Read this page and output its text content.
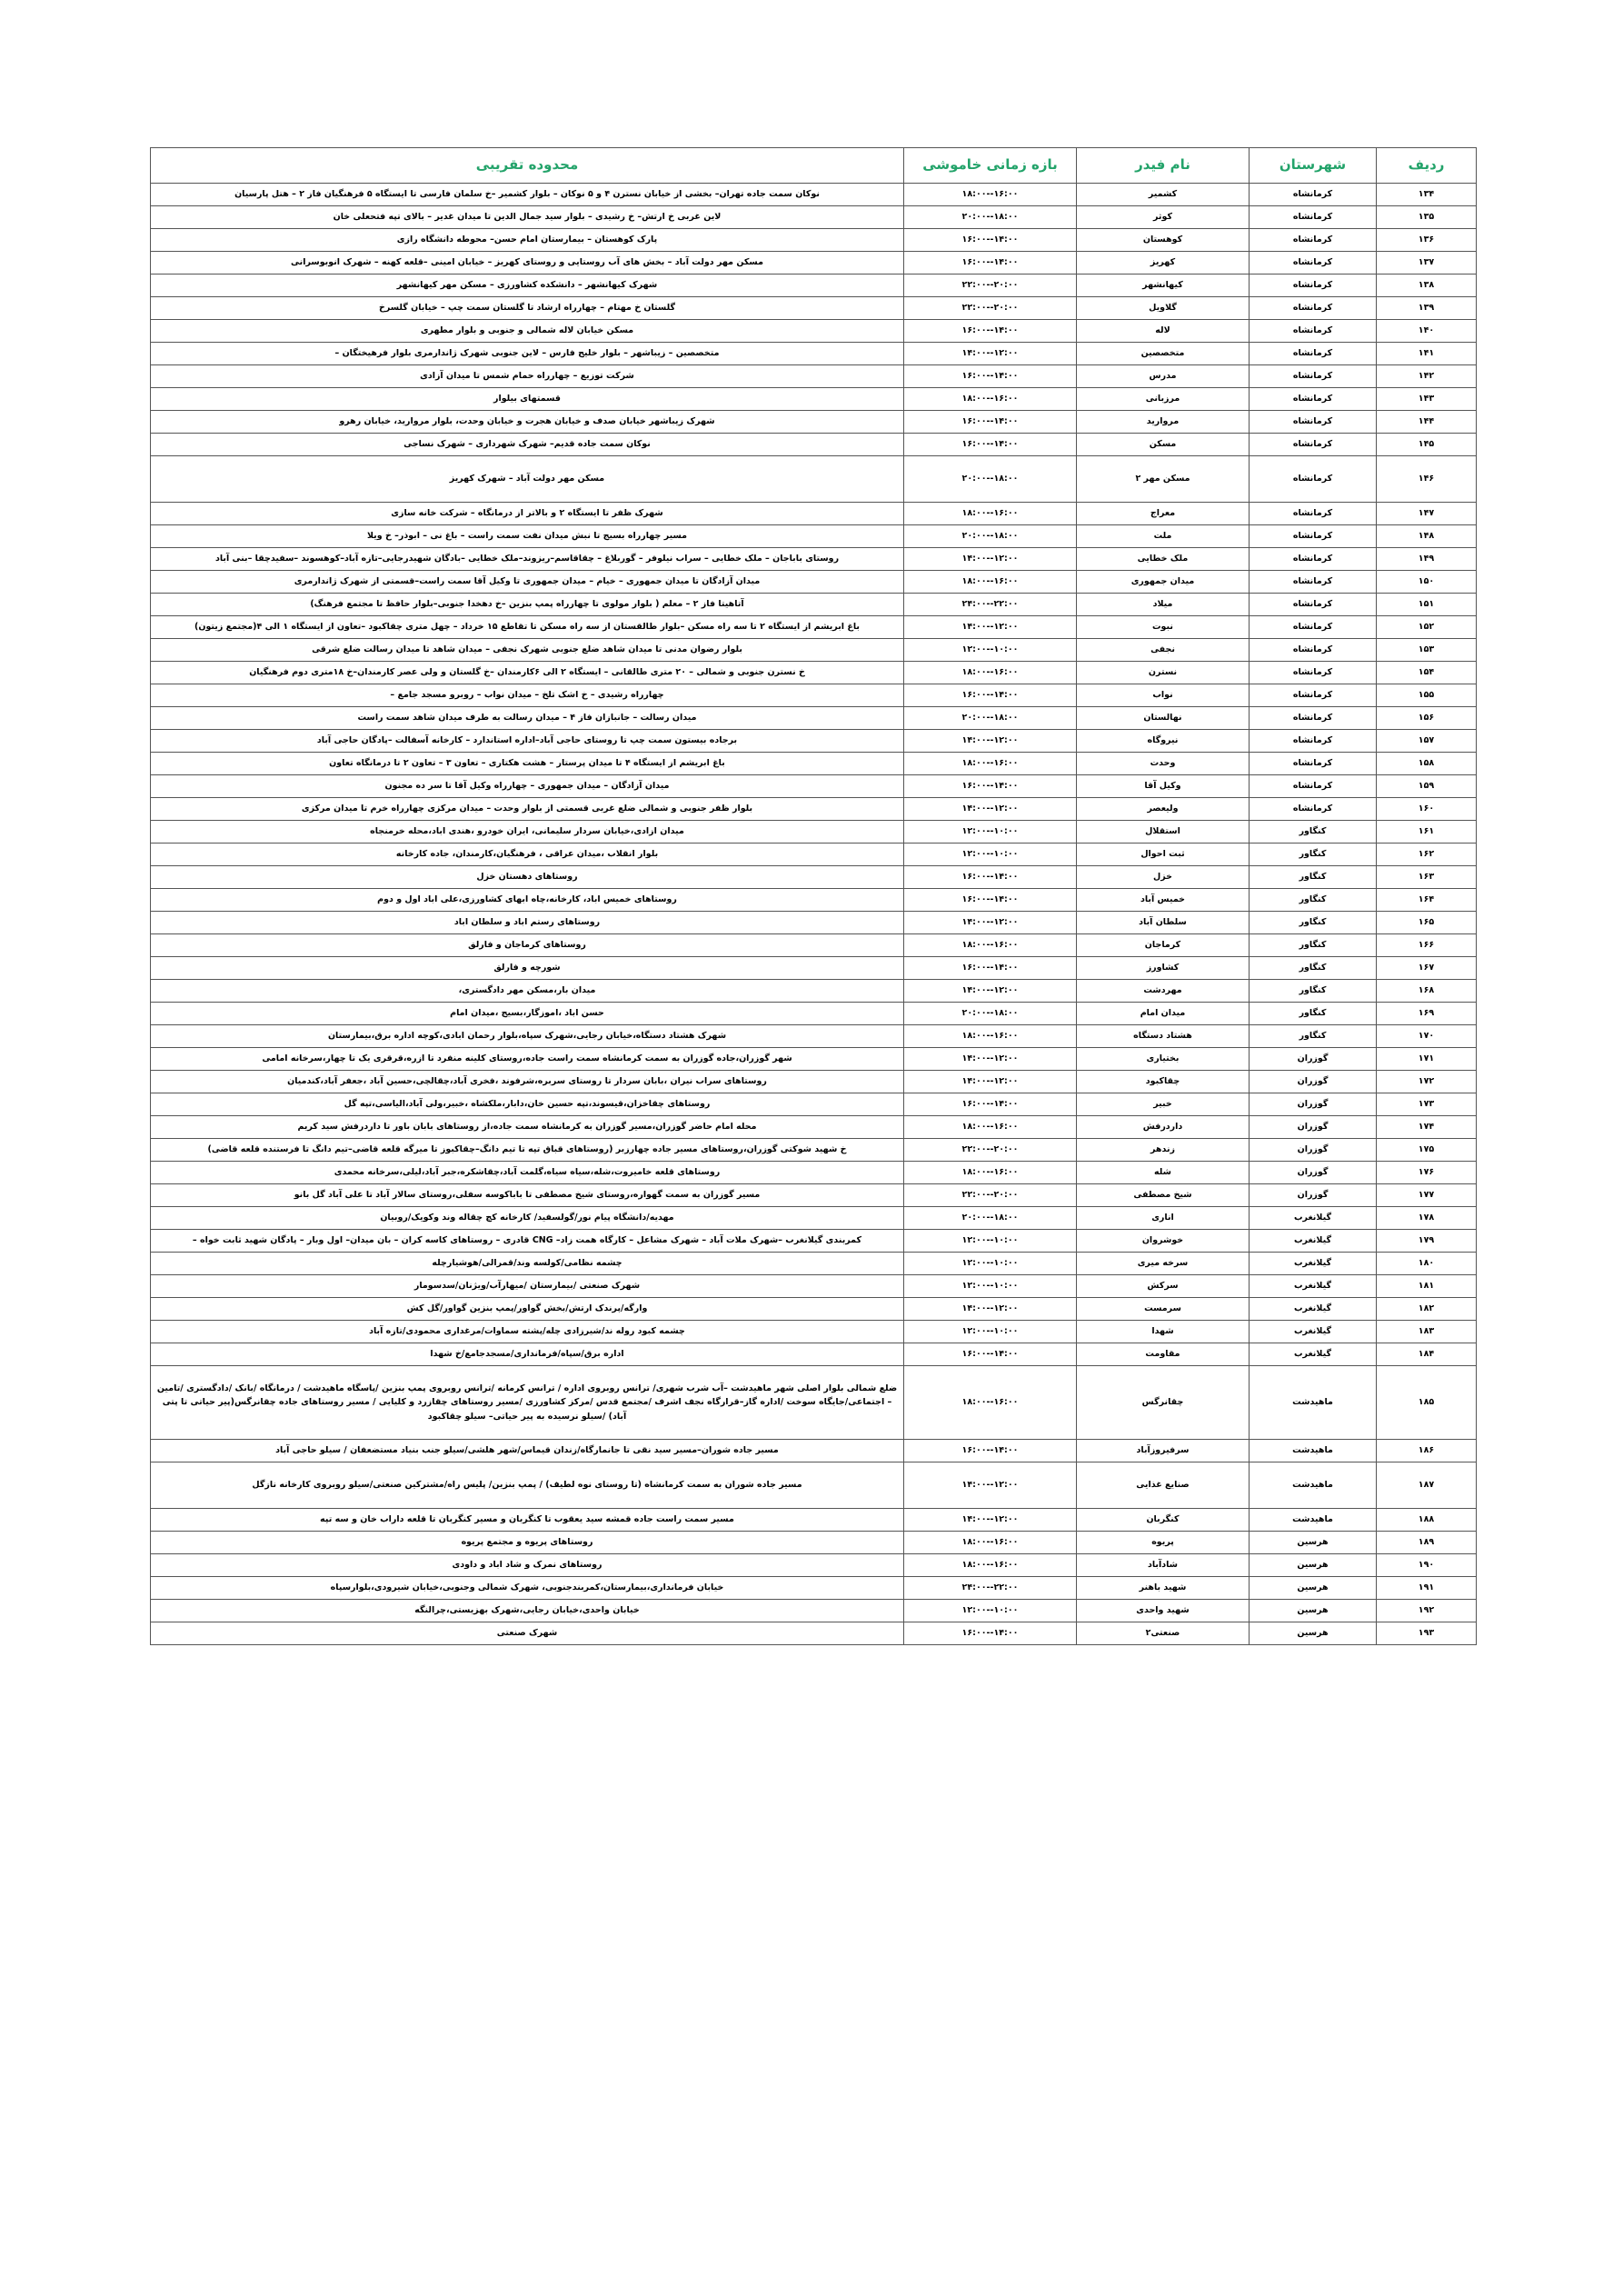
ردیف	شهرستان	نام فیدر	بازه زمانی خاموشی	محدوده تقریبی
۱۳۴	کرمانشاه	کشمیر	۱۶:۰۰--۱۸:۰۰	نوکان سمت جاده تهران– بخشی از خیابان نسترن ۴ و ۵ نوکان – بلوار کشمیر –خ سلمان فارسی تا ایستگاه ۵ فرهنگیان فاز ۲ – هتل پارسیان
۱۳۵	کرمانشاه	کوثر	۱۸:۰۰--۲۰:۰۰	لاین غربی خ ارتش– خ رشیدی – بلوار سید جمال الدین تا میدان غدیر – بالای تپه فتحعلی خان
۱۳۶	کرمانشاه	کوهستان	۱۴:۰۰--۱۶:۰۰	پارک کوهستان – بیمارستان امام حسن– محوطه دانشگاه رازی
۱۳۷	کرمانشاه	کهریز	۱۴:۰۰--۱۶:۰۰	مسکن مهر دولت آباد – بخش های آب روستایی و روستای کهریز – خیابان امینی –قلعه کهنه – شهرک انوبوسرانی
۱۳۸	کرمانشاه	کیهانشهر	۲۰:۰۰--۲۲:۰۰	شهرک کیهانشهر – دانشکده کشاورزی – مسکن مهر کیهانشهر
۱۳۹	کرمانشاه	گلاویل	۲۰:۰۰--۲۲:۰۰	گلستان خ مهتام – چهارراه ارشاد تا گلستان سمت چپ – خیابان گلسرخ
۱۴۰	کرمانشاه	لاله	۱۴:۰۰--۱۶:۰۰	مسکن خیابان لاله شمالی و جنوبی و بلوار مطهری
۱۴۱	کرمانشاه	متخصصین	۱۲:۰۰--۱۴:۰۰	متخصصین – زیباشهر – بلوار خلیج فارس – لاین جنوبی شهرک ژاندارمری بلوار فرهیختگان –
۱۴۲	کرمانشاه	مدرس	۱۴:۰۰--۱۶:۰۰	شرکت توزیع – چهارراه حمام شمس تا میدان آزادی
۱۴۳	کرمانشاه	مرزبانی	۱۶:۰۰--۱۸:۰۰	قسمتهای بیلوار
۱۴۴	کرمانشاه	مروارید	۱۴:۰۰--۱۶:۰۰	شهرک زیباشهر خیابان صدف و خیابان هجرت و خیابان وحدت، بلوار مروارید، خیابان رهرو
۱۴۵	کرمانشاه	مسکن	۱۴:۰۰--۱۶:۰۰	نوکان سمت جاده قدیم– شهرک شهرداری – شهرک نساجی
۱۴۶	کرمانشاه	مسکن مهر ۲	۱۸:۰۰--۲۰:۰۰	مسکن مهر دولت آباد – شهرک کهریز
۱۴۷	کرمانشاه	معراج	۱۶:۰۰--۱۸:۰۰	شهرک ظفر تا ایستگاه ۲ و بالاتر از درمانگاه – شرکت خانه سازی
۱۴۸	کرمانشاه	ملت	۱۸:۰۰--۲۰:۰۰	مسیر چهارراه بسیج تا نبش میدان نفت سمت راست – باغ نی – ابوذر– خ ویلا
۱۴۹	کرمانشاه	ملک خطایی	۱۲:۰۰--۱۴:۰۰	روستای باباجان – ملک خطایی – سراب نیلوفر – گوربلاغ – چقاقاسم–ریزوند–ملک خطایی –بادگان شهیدرجایی–تازه آباد–کوهسوند –سفیدچقا –بنی آباد
۱۵۰	کرمانشاه	میدان جمهوری	۱۶:۰۰--۱۸:۰۰	میدان آزادگان تا میدان جمهوری – خیام – میدان جمهوری تا وکیل آقا سمت راست–قسمتی از شهرک ژاندارمری
۱۵۱	کرمانشاه	میلاد	۲۲:۰۰--۲۴:۰۰	آتاهیتا فاز ۲ – معلم ( بلوار مولوی تا چهارراه پمپ بنزین –خ دهخدا جنوبی–بلوار حافظ تا مجتمع فرهنگ)
۱۵۲	کرمانشاه	نبوت	۱۲:۰۰--۱۴:۰۰	باغ ابریشم از ایستگاه ۲ تا سه راه مسکن –بلوار طالقستان از سه راه مسکن تا تقاطع ۱۵ خرداد – چهل متری چقاکبود –تعاون از ایستگاه ۱ الی ۴(مجتمع زیتون)
۱۵۳	کرمانشاه	نجفی	۱۰:۰۰--۱۲:۰۰	بلوار رضوان مدنی تا میدان شاهد ضلع جنوبی شهرک نجفی – میدان شاهد تا میدان رسالت ضلع شرقی
۱۵۴	کرمانشاه	نسترن	۱۶:۰۰--۱۸:۰۰	خ نسترن جنوبی و شمالی – ۲۰ متری طالقانی – ایستگاه ۲ الی ۶کارمندان –خ گلستان و ولی عصر کارمندان–خ ۱۸متری دوم فرهنگیان
۱۵۵	کرمانشاه	نواب	۱۴:۰۰--۱۶:۰۰	چهارراه رشیدی – خ اشک تلخ – میدان نواب – روبرو مسجد جامع –
۱۵۶	کرمانشاه	نهالستان	۱۸:۰۰--۲۰:۰۰	میدان رسالت – جانبازان فاز ۴ – میدان رسالت به طرف میدان شاهد سمت راست
۱۵۷	کرمانشاه	نیروگاه	۱۲:۰۰--۱۴:۰۰	برجاده بیستون سمت چپ تا روستای حاجی آباد–اداره استاندارد – کارخانه آسفالت –پادگان حاجی آباد
۱۵۸	کرمانشاه	وحدت	۱۶:۰۰--۱۸:۰۰	باغ ابریشم از ایستگاه ۴ تا میدان پرستار – هشت هکتاری – تعاون ۳ – تعاون ۲ تا درمانگاه تعاون
۱۵۹	کرمانشاه	وکیل آقا	۱۴:۰۰--۱۶:۰۰	میدان آزادگان – میدان جمهوری – چهارراه وکیل آقا تا سر ده مجنون
۱۶۰	کرمانشاه	ولیعصر	۱۲:۰۰--۱۴:۰۰	بلوار ظفر جنوبی و شمالی ضلع غربی قسمتی از بلوار وحدت – میدان مرکزی چهارراه خرم تا میدان مرکزی
۱۶۱	کنگاور	استقلال	۱۰:۰۰--۱۲:۰۰	میدان ازادی،خیابان سردار سلیمانی، ایران خودرو ،هندی اباد،محله خرمنجاه
۱۶۲	کنگاور	ثبت احوال	۱۰:۰۰--۱۲:۰۰	بلوار انقلاب ،میدان عراقی ، فرهنگیان،کارمندان، جاده کارخانه
۱۶۳	کنگاور	خزل	۱۴:۰۰--۱۶:۰۰	روستاهای دهستان خزل
۱۶۴	کنگاور	خمیس آباد	۱۴:۰۰--۱۶:۰۰	روستاهای خمیس اباد، کارخانه،چاه ابهای کشاورزی،علی اباد اول و دوم
۱۶۵	کنگاور	سلطان آباد	۱۲:۰۰--۱۴:۰۰	روستاهای رستم اباد و سلطان اباد
۱۶۶	کنگاور	کرماجان	۱۶:۰۰--۱۸:۰۰	روستاهای کرماجان و فارلق
۱۶۷	کنگاور	کشاورز	۱۴:۰۰--۱۶:۰۰	شورچه و فارلق
۱۶۸	کنگاور	مهردشت	۱۲:۰۰--۱۴:۰۰	میدان بار،مسکن مهر دادگستری،
۱۶۹	کنگاور	میدان امام	۱۸:۰۰--۲۰:۰۰	حسن اباد ،اموزگار،بسیج ،میدان امام
۱۷۰	کنگاور	هشتاد دستگاه	۱۶:۰۰--۱۸:۰۰	شهرک هشتاد دستگاه،خیابان رجایی،شهرک سپاه،بلوار رحمان ابادی،کوچه اداره برق،بیمارستان
۱۷۱	گوزران	بختیاری	۱۲:۰۰--۱۴:۰۰	شهر گوزران،جاده گوزران به سمت کرمانشاه سمت راست جاده،روستای کلینه منفرد تا ازره،قرقری یک تا چهار،سرخانه امامی
۱۷۲	گوزران	چقاکبود	۱۲:۰۰--۱۴:۰۰	روستاهای سراب نیران ،بابان سردار تا روستای سربره،شرفوند ،فخری آباد،چقالچی،حسین آباد ،جعفر آباد،کندمیان
۱۷۳	گوزران	خبیر	۱۴:۰۰--۱۶:۰۰	روستاهای چقاخزان،قیسوند،تپه حسین خان،دابار،ملکشاه ،خبیر،ولی آباد،الیاسی،تپه گل
۱۷۴	گوزران	داردرفش	۱۶:۰۰--۱۸:۰۰	محله امام حاضر گوزران،مسیر گوزران به کرمانشاه سمت جاده،از روستاهای بابان باور تا داردرفش سید کریم
۱۷۵	گوزران	زندهر	۲۰:۰۰--۲۲:۰۰	خ شهید شوکتی گوزران،روستاهای مسیر جاده چهارزبر (روستاهای قباق تپه تا تیم دانگ–چقاکبوز تا میرگه قلعه قاضی–تیم دانگ تا فرستنده قلعه قاضی)
۱۷۶	گوزران	شله	۱۶:۰۰--۱۸:۰۰	روستاهای قلعه خامیروت،شله،سیاه سیاه،گلمت آباد،چقاشکره،جبر آباد،لیلی،سرخانه محمدی
۱۷۷	گوزران	شیخ مصطفی	۲۰:۰۰--۲۲:۰۰	مسیر گوزران به سمت گهواره،روستای شیخ مصطفی تا باباکوسه سفلی،روستای سالار آباد تا علی آباد گل بانو
۱۷۸	گیلانغرب	اناری	۱۸:۰۰--۲۰:۰۰	مهدیه/دانشگاه پیام نور/گولسفید/ کارخانه کچ چقاله وند وکویک/روبیان
۱۷۹	گیلانغرب	خوشروان	۱۰:۰۰--۱۲:۰۰	کمربندی گیلانغرب –شهرک ملات آباد – شهرک مشاعل – کارگاه همت زاد– CNG قادری – روستاهای کاسه کران – بان میدان– اول وبار – پادگان شهید ثابت خواه –
۱۸۰	گیلانغرب	سرخه میری	۱۰:۰۰--۱۲:۰۰	چشمه نظامی/کولسه وند/قمرالی/هوشیارچله
۱۸۱	گیلانغرب	سرکش	۱۰:۰۰--۱۲:۰۰	شهرک صنعتی /بیمارستان /میهارآب/ویژنان/سدسومار
۱۸۲	گیلانغرب	سرمست	۱۲:۰۰--۱۴:۰۰	وارگه/پرندک ارتش/بخش گواور/پمپ بنزین گواور/گل کش
۱۸۳	گیلانغرب	شهدا	۱۰:۰۰--۱۲:۰۰	چشمه کبود روله ند/شیرزادی چله/پشته سماوات/مرغداری محمودی/تازه آباد
۱۸۴	گیلانغرب	مقاومت	۱۴:۰۰--۱۶:۰۰	اداره برق/سپاه/فرمانداری/مسجدجامع/خ شهدا
۱۸۵	ماهیدشت	چقانرگس	۱۶:۰۰--۱۸:۰۰	ضلع شمالی بلوار اصلی شهر ماهیدشت –آب شرب شهری/ ترانس روبروی اداره / ترانس کرمانه /ترانس روبروی پمپ بنزین /پاسگاه ماهیدشت / درمانگاه /بانک /دادگستری /تامین – اجتماعی/جایگاه سوخت /اداره گاز–قرارگاه نجف اشرف /مجتمع قدس /مرکز کشاورزی /مسیر روستاهای چقازرد و کلیایی / مسیر روستاهای جاده چقانرگس(پیر حیاتی تا پتی آباد) /سیلو نرسیده به پیر حیاتی– سیلو چقاکبود
۱۸۶	ماهیدشت	سرفیروزآباد	۱۴:۰۰--۱۶:۰۰	مسیر جاده شوران–مسیر سید نقی تا جانمارگاه/زندان قیماس/شهر هلشی/سیلو جنب بنیاد مستضعفان / سیلو حاجی آباد
۱۸۷	ماهیدشت	صنایع غذایی	۱۲:۰۰--۱۴:۰۰	مسیر جاده شوران به سمت کرمانشاه (تا روستای نوه لطیف) / پمپ بنزین/ پلیس راه/مشترکین صنعتی/سیلو روبروی کارخانه نازگل
۱۸۸	ماهیدشت	کنگربان	۱۲:۰۰--۱۴:۰۰	مسیر سمت راست جاده قمشه سید یعقوب تا کنگربان و مسیر کنگربان تا قلعه داراب خان و سه تپه
۱۸۹	هرسین	پریوه	۱۶:۰۰--۱۸:۰۰	روستاهای پریوه و مجتمع پریوه
۱۹۰	هرسین	شادآباد	۱۶:۰۰--۱۸:۰۰	روستاهای نمرک و شاد اباد و داودی
۱۹۱	هرسین	شهید باهنر	۲۲:۰۰--۲۴:۰۰	خیابان فرمانداری،بیمارستان،کمربندجنوبی، شهرک شمالی وجنوبی،خیابان شیرودی،بلوارسپاه
۱۹۲	هرسین	شهید واحدی	۱۰:۰۰--۱۲:۰۰	خیابان واحدی،خیابان رجایی،شهرک بهزیستی،چرالنگه
۱۹۳	هرسین	صنعتی۲	۱۴:۰۰--۱۶:۰۰	شهرک صنعتی
